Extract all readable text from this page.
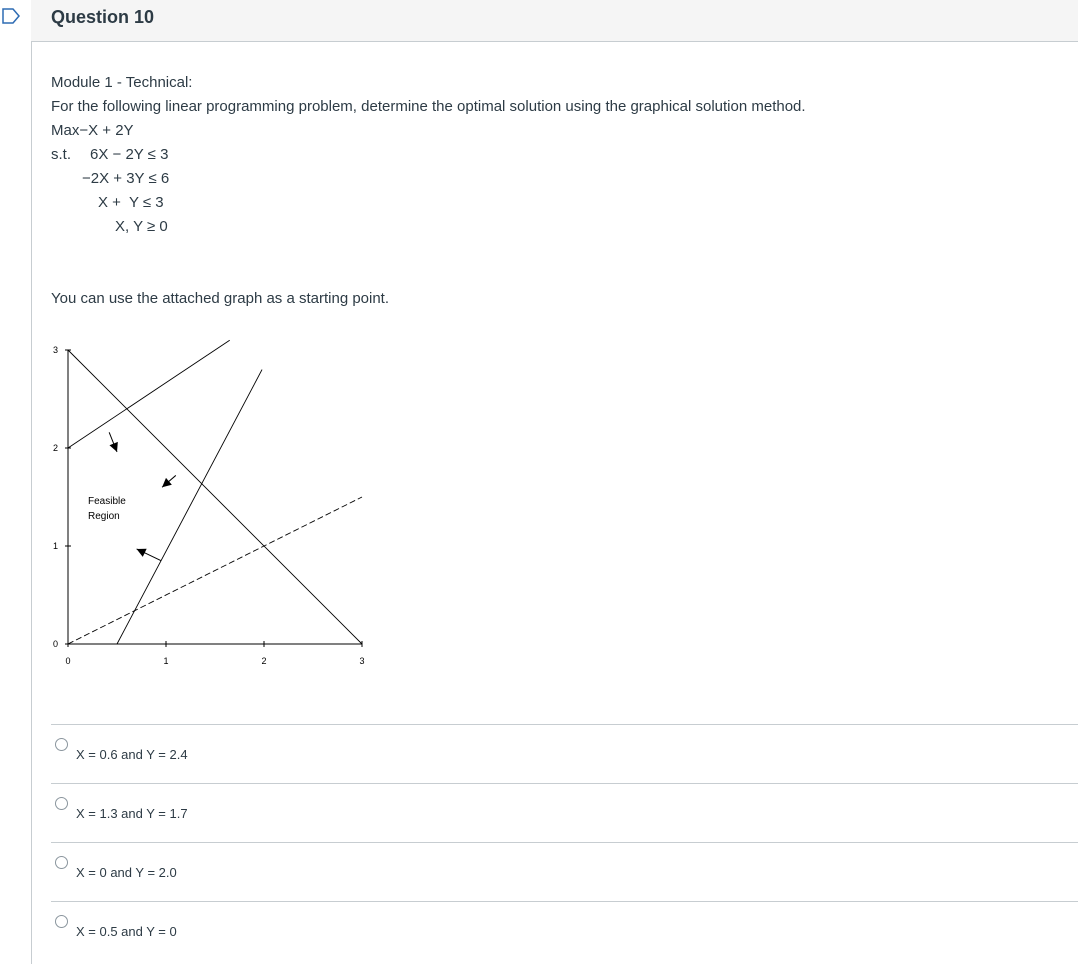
Question 10
Module 1 - Technical:
For the following linear programming problem, determine the optimal solution using the graphical solution method.
Max−X + 2Y
s.t. 6X − 2Y ≤ 3
−2X + 3Y ≤ 6
X +  Y ≤ 3
X, Y ≥ 0
You can use the attached graph as a starting point.
0	1	2	3
0
1
2
3
Feasible
Region
X = 0.6 and Y = 2.4
X = 1.3 and Y = 1.7
X = 0 and Y = 2.0
X = 0.5 and Y = 0
